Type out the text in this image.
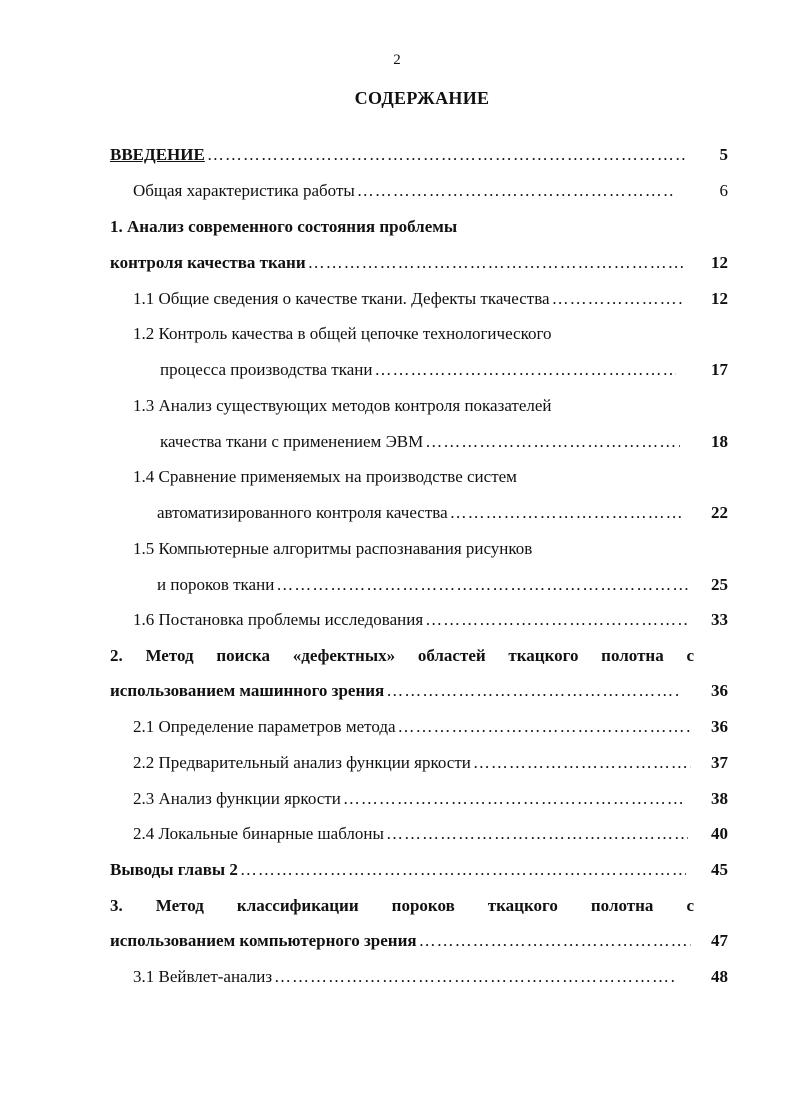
2
СОДЕРЖАНИЕ
ВВЕДЕНИЕ ……………………………………………………………………………………………………………………………………………………………………………………	5
Общая характеристика работы ……………………………………………………………………………………………………………………………………………………………………………………	6
1. Анализ современного состояния проблемы
контроля качества ткани ……………………………………………………………………………………………………………………………………………………………………………………	12
1.1 Общие сведения о качестве ткани. Дефекты ткачества ……………………………………………………………………………………………………………………………………………………………………………………	12
1.2 Контроль качества в общей цепочке технологического
процесса производства ткани ……………………………………………………………………………………………………………………………………………………………………………………	17
1.3 Анализ существующих методов контроля показателей
качества ткани с применением ЭВМ ……………………………………………………………………………………………………………………………………………………………………………………	18
1.4 Сравнение применяемых на производстве систем
автоматизированного контроля качества ……………………………………………………………………………………………………………………………………………………………………………………	22
1.5 Компьютерные алгоритмы распознавания рисунков
и пороков ткани ……………………………………………………………………………………………………………………………………………………………………………………	25
1.6 Постановка проблемы исследования ……………………………………………………………………………………………………………………………………………………………………………………	33
2. Метод поиска «дефектных» областей ткацкого полотна с
использованием машинного зрения ……………………………………………………………………………………………………………………………………………………………………………………	36
2.1 Определение параметров метода ……………………………………………………………………………………………………………………………………………………………………………………	36
2.2 Предварительный анализ функции яркости ……………………………………………………………………………………………………………………………………………………………………………………	37
2.3 Анализ функции яркости ……………………………………………………………………………………………………………………………………………………………………………………	38
2.4 Локальные бинарные шаблоны ……………………………………………………………………………………………………………………………………………………………………………………	40
Выводы главы 2 ……………………………………………………………………………………………………………………………………………………………………………………	45
3. Метод классификации пороков ткацкого полотна с
использованием компьютерного зрения ……………………………………………………………………………………………………………………………………………………………………………………	47
3.1 Вейвлет-анализ ……………………………………………………………………………………………………………………………………………………………………………………	48
